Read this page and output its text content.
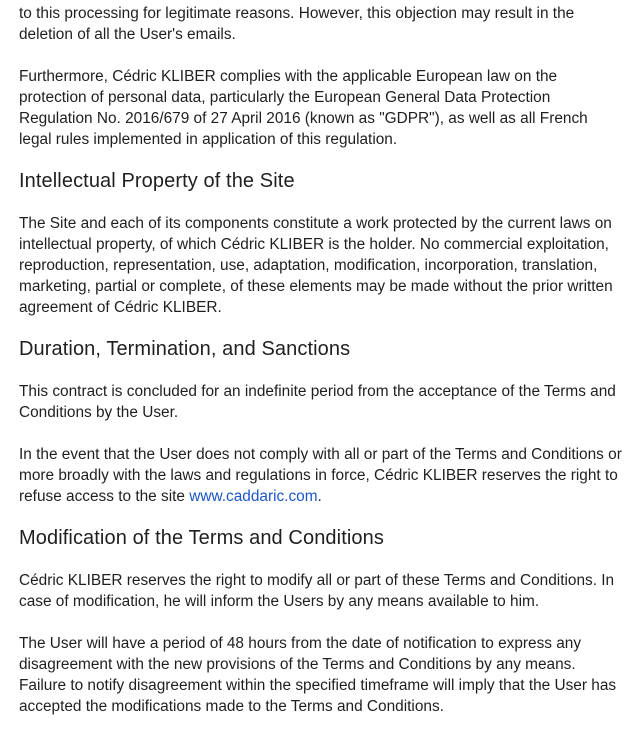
to this processing for legitimate reasons. However, this objection may result in the deletion of all the User's emails.

Furthermore, Cédric KLIBER complies with the applicable European law on the protection of personal data, particularly the European General Data Protection Regulation No. 2016/679 of 27 April 2016 (known as "GDPR"), as well as all French legal rules implemented in application of this regulation.

Intellectual Property of the Site

The Site and each of its components constitute a work protected by the current laws on intellectual property, of which Cédric KLIBER is the holder. No commercial exploitation, reproduction, representation, use, adaptation, modification, incorporation, translation, marketing, partial or complete, of these elements may be made without the prior written agreement of Cédric KLIBER.

Duration, Termination, and Sanctions

This contract is concluded for an indefinite period from the acceptance of the Terms and Conditions by the User.

In the event that the User does not comply with all or part of the Terms and Conditions or more broadly with the laws and regulations in force, Cédric KLIBER reserves the right to refuse access to the site www.caddaric.com.

Modification of the Terms and Conditions

Cédric KLIBER reserves the right to modify all or part of these Terms and Conditions. In case of modification, he will inform the Users by any means available to him.

The User will have a period of 48 hours from the date of notification to express any disagreement with the new provisions of the Terms and Conditions by any means. Failure to notify disagreement within the specified timeframe will imply that the User has accepted the modifications made to the Terms and Conditions.
